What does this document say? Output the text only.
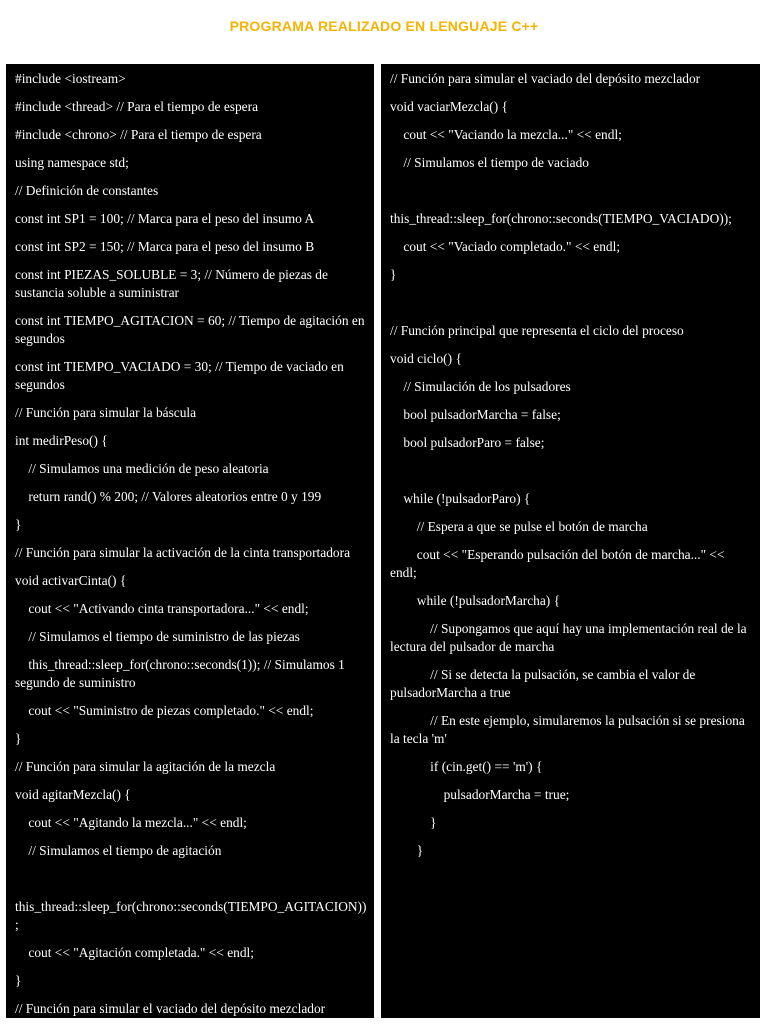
PROGRAMA REALIZADO EN LENGUAJE C++
#include <iostream>
#include <thread> // Para el tiempo de espera
#include <chrono> // Para el tiempo de espera
using namespace std;
// Definición de constantes
const int SP1 = 100; // Marca para el peso del insumo A
const int SP2 = 150; // Marca para el peso del insumo B
const int PIEZAS_SOLUBLE = 3; // Número de piezas de sustancia soluble a suministrar
const int TIEMPO_AGITACION = 60; // Tiempo de agitación en segundos
const int TIEMPO_VACIADO = 30; // Tiempo de vaciado en segundos
// Función para simular la báscula
int medirPeso() {
// Simulamos una medición de peso aleatoria
return rand() % 200; // Valores aleatorios entre 0 y 199
}
// Función para simular la activación de la cinta transportadora
void activarCinta() {
cout << "Activando cinta transportadora..." << endl;
// Simulamos el tiempo de suministro de las piezas
this_thread::sleep_for(chrono::seconds(1)); // Simulamos 1 segundo de suministro
cout << "Suministro de piezas completado." << endl;
}
// Función para simular la agitación de la mezcla
void agitarMezcla() {
cout << "Agitando la mezcla..." << endl;
// Simulamos el tiempo de agitación
this_thread::sleep_for(chrono::seconds(TIEMPO_AGITACION));
cout << "Agitación completada." << endl;
}
// Función para simular el vaciado del depósito mezclador
// Función para simular el vaciado del depósito mezclador
void vaciarMezcla() {
cout << "Vaciando la mezcla..." << endl;
// Simulamos el tiempo de vaciado
this_thread::sleep_for(chrono::seconds(TIEMPO_VACIADO));
cout << "Vaciado completado." << endl;
}
// Función principal que representa el ciclo del proceso
void ciclo() {
// Simulación de los pulsadores
bool pulsadorMarcha = false;
bool pulsadorParo = false;
while (!pulsadorParo) {
// Espera a que se pulse el botón de marcha
cout << "Esperando pulsación del botón de marcha..." << endl;
while (!pulsadorMarcha) {
// Supongamos que aquí hay una implementación real de la lectura del pulsador de marcha
// Si se detecta la pulsación, se cambia el valor de pulsadorMarcha a true
// En este ejemplo, simularemos la pulsación si se presiona la tecla 'm'
if (cin.get() == 'm') {
pulsadorMarcha = true;
}
}
